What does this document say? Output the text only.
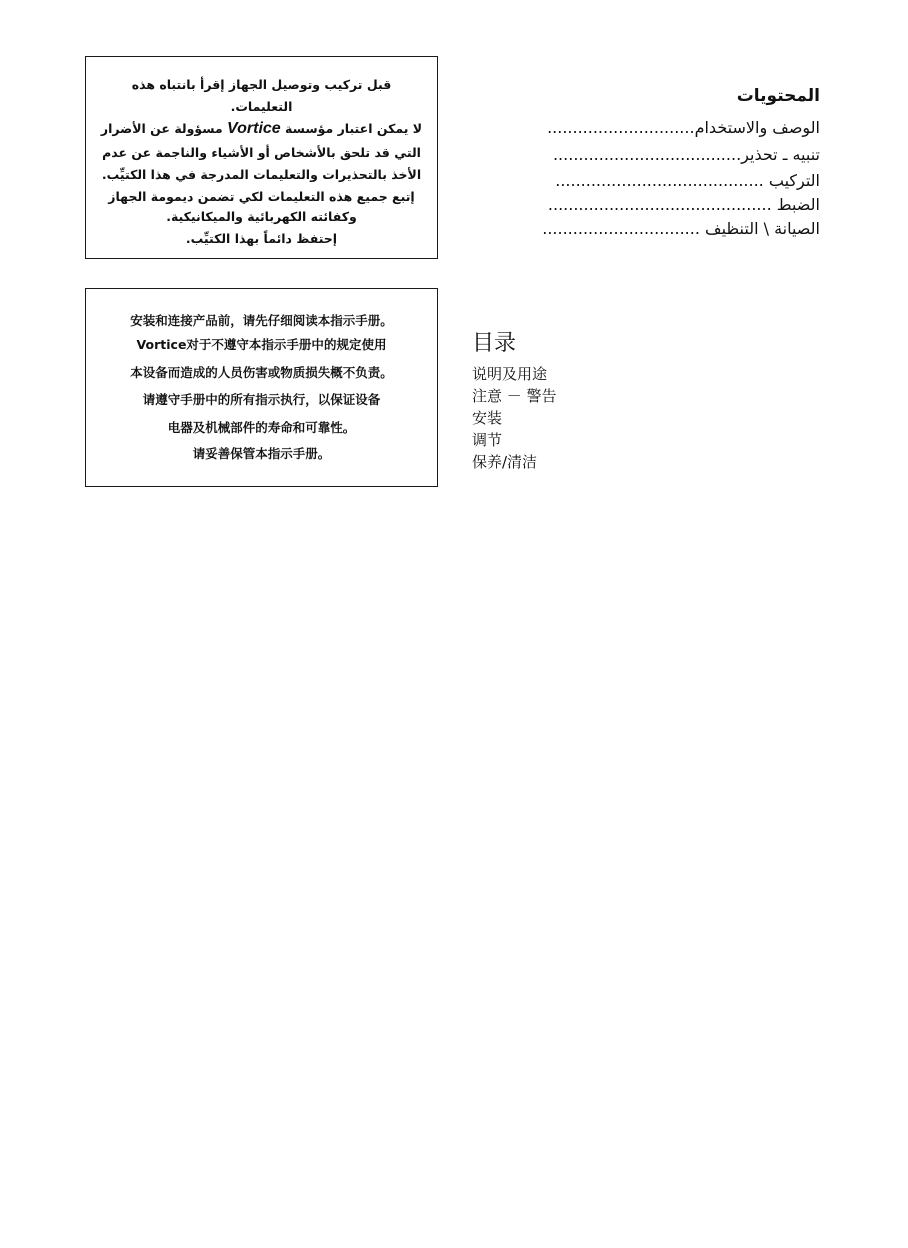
قبل تركيب وتوصيل الجهاز إقرأ بانتباه هذه
التعليمات.
لا يمكن اعتبار مؤسسة Vortice مسؤولة عن الأضرار
التي قد تلحق بالأشخاص أو الأشياء والناجمة عن عدم
الأخذ بالتحذيرات والتعليمات المدرجة في هذا الكتيِّب.
إتبع جميع هذه التعليمات لكي تضمن ديمومة الجهاز
وكفائته الكهربائية والميكانيكية.
إحتفظ دائماً بهذا الكتيِّب.
安装和连接产品前，请先仔细阅读本指示手册。
Vortice对于不遵守本指示手册中的规定使用
本设备而造成的人员伤害或物质损失概不负责。
请遵守手册中的所有指示执行，以保证设备
电器及机械部件的寿命和可靠性。
请妥善保管本指示手册。
المحتويات
الوصف والاستخدام.............................
تنبيه ـ تحذير.....................................
التركيب .........................................
الضبط ............................................
الصيانة \ التنظيف ...............................
目录
说明及用途
注意 － 警告
安装
调节
保养/清洁
